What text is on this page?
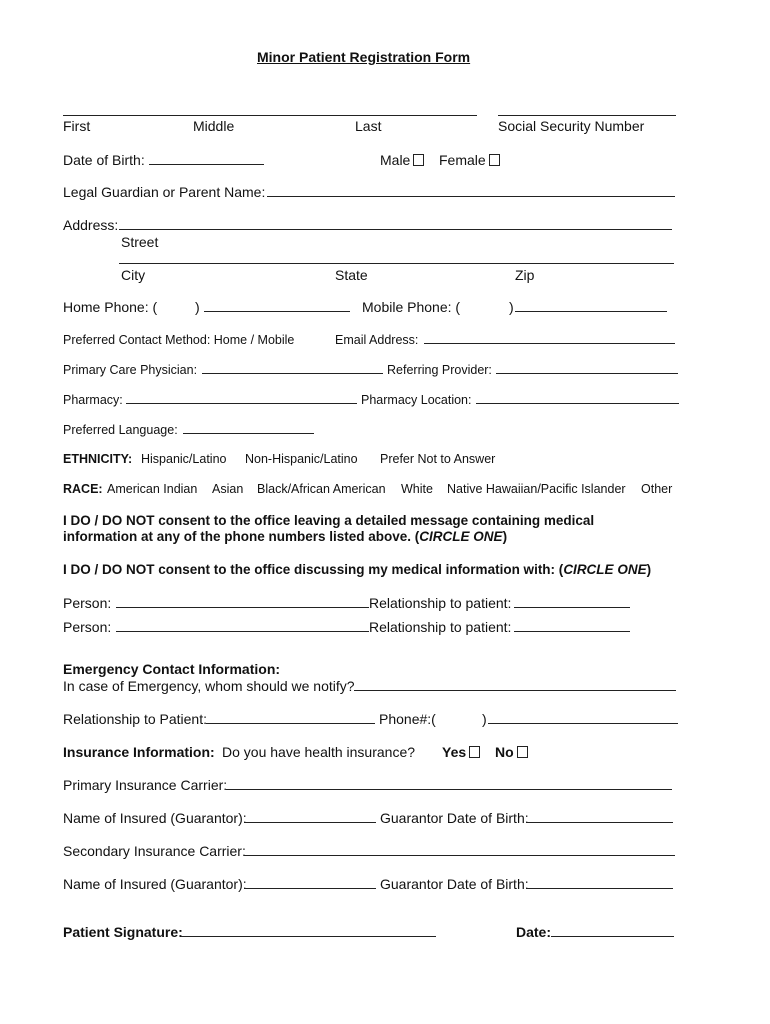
Minor Patient Registration Form
First	Middle	Last	Social Security Number
Date of Birth:	Male	Female
Legal Guardian or Parent Name:
Address:
Street
City	State	Zip
Home Phone: (	)	Mobile Phone: (	)
Preferred Contact Method: Home / Mobile	Email Address:
Primary Care Physician:	Referring Provider:
Pharmacy:	Pharmacy Location:
Preferred Language:
ETHNICITY: Hispanic/Latino Non-Hispanic/Latino Prefer Not to Answer
RACE: American Indian Asian Black/African American White Native Hawaiian/Pacific Islander Other
I DO / DO NOT consent to the office leaving a detailed message containing medical
information at any of the phone numbers listed above. (CIRCLE ONE)
I DO / DO NOT consent to the office discussing my medical information with: (CIRCLE ONE)
Person:	Relationship to patient:
Person:	Relationship to patient:
Emergency Contact Information:
In case of Emergency, whom should we notify?
Relationship to Patient:	Phone#:(	)
Insurance Information: Do you have health insurance? Yes	No
Primary Insurance Carrier:
Name of Insured (Guarantor):	Guarantor Date of Birth:
Secondary Insurance Carrier:
Name of Insured (Guarantor):	Guarantor Date of Birth:
Patient Signature:	Date:
